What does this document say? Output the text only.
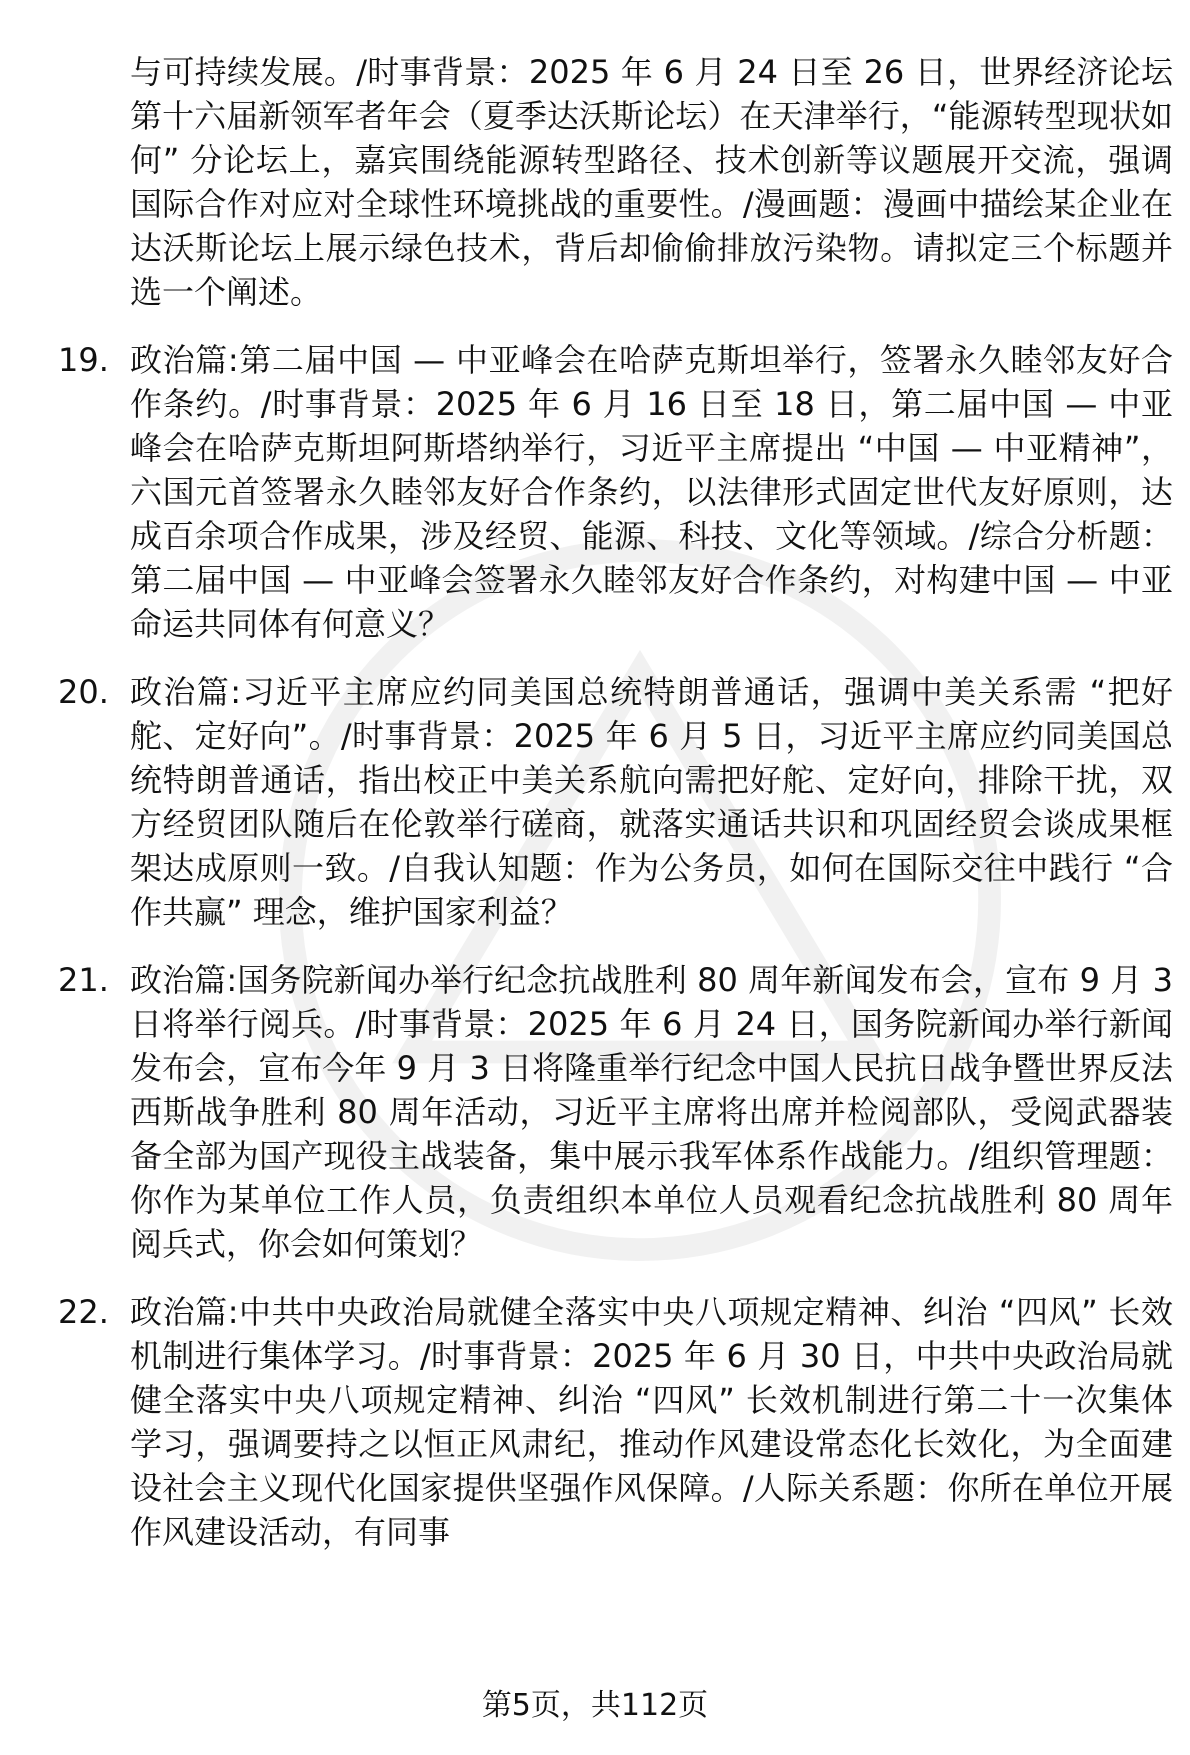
与可持续发展。/时事背景：2025 年 6 月 24 日至 26 日，世界经济论坛第十六届新领军者年会（夏季达沃斯论坛）在天津举行，“能源转型现状如何” 分论坛上，嘉宾围绕能源转型路径、技术创新等议题展开交流，强调国际合作对应对全球性环境挑战的重要性。/漫画题：漫画中描绘某企业在达沃斯论坛上展示绿色技术，背后却偷偷排放污染物。请拟定三个标题并选一个阐述。

19. 政治篇:第二届中国 — 中亚峰会在哈萨克斯坦举行，签署永久睦邻友好合作条约。/时事背景：2025 年 6 月 16 日至 18 日，第二届中国 — 中亚峰会在哈萨克斯坦阿斯塔纳举行，习近平主席提出 “中国 — 中亚精神”，六国元首签署永久睦邻友好合作条约，以法律形式固定世代友好原则，达成百余项合作成果，涉及经贸、能源、科技、文化等领域。/综合分析题：第二届中国 — 中亚峰会签署永久睦邻友好合作条约，对构建中国 — 中亚命运共同体有何意义？

20. 政治篇:习近平主席应约同美国总统特朗普通话，强调中美关系需 “把好舵、定好向”。/时事背景：2025 年 6 月 5 日，习近平主席应约同美国总统特朗普通话，指出校正中美关系航向需把好舵、定好向，排除干扰，双方经贸团队随后在伦敦举行磋商，就落实通话共识和巩固经贸会谈成果框架达成原则一致。/自我认知题：作为公务员，如何在国际交往中践行 “合作共赢” 理念，维护国家利益？

21. 政治篇:国务院新闻办举行纪念抗战胜利 80 周年新闻发布会，宣布 9 月 3 日将举行阅兵。/时事背景：2025 年 6 月 24 日，国务院新闻办举行新闻发布会，宣布今年 9 月 3 日将隆重举行纪念中国人民抗日战争暨世界反法西斯战争胜利 80 周年活动，习近平主席将出席并检阅部队，受阅武器装备全部为国产现役主战装备，集中展示我军体系作战能力。/组织管理题：你作为某单位工作人员，负责组织本单位人员观看纪念抗战胜利 80 周年阅兵式，你会如何策划？

22. 政治篇:中共中央政治局就健全落实中央八项规定精神、纠治 “四风” 长效机制进行集体学习。/时事背景：2025 年 6 月 30 日，中共中央政治局就健全落实中央八项规定精神、纠治 “四风” 长效机制进行第二十一次集体学习，强调要持之以恒正风肃纪，推动作风建设常态化长效化，为全面建设社会主义现代化国家提供坚强作风保障。/人际关系题：你所在单位开展作风建设活动，有同事

第5页，共112页
